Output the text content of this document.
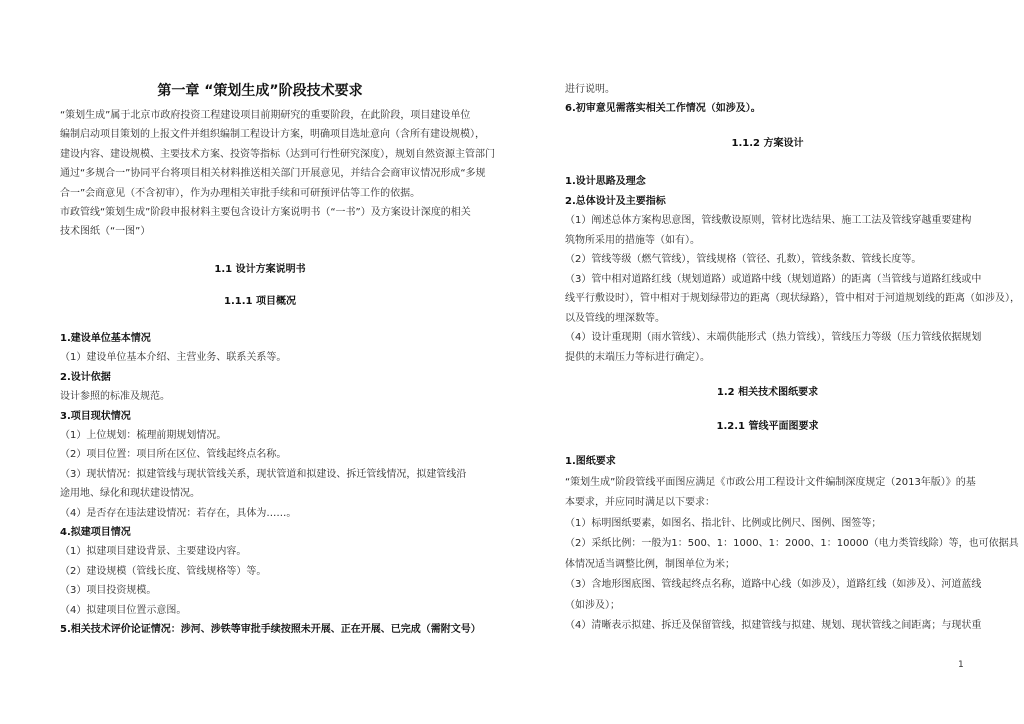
第一章 “策划生成”阶段技术要求
“策划生成”属于北京市政府投资工程建设项目前期研究的重要阶段，在此阶段，项目建设单位
编制启动项目策划的上报文件并组织编制工程设计方案，明确项目选址意向（含所有建设规模），
建设内容、建设规模、主要技术方案、投资等指标（达到可行性研究深度），规划自然资源主管部门
通过“多规合一”协同平台将项目相关材料推送相关部门开展意见，并结合会商审议情况形成“多规
合一”会商意见（不含初审），作为办理相关审批手续和可研预评估等工作的依据。
市政管线“策划生成”阶段申报材料主要包含设计方案说明书（“一书”）及方案设计深度的相关
技术图纸（“一图”）
1.1 设计方案说明书
1.1.1 项目概况
1.建设单位基本情况
（1）建设单位基本介绍、主营业务、联系关系等。
2.设计依据
设计参照的标准及规范。
3.项目现状情况
（1）上位规划：梳理前期规划情况。
（2）项目位置：项目所在区位、管线起终点名称。
（3）现状情况：拟建管线与现状管线关系，现状管道和拟建设、拆迁管线情况，拟建管线沿
途用地、绿化和现状建设情况。
（4）是否存在违法建设情况：若存在，具体为……。
4.拟建项目情况
（1）拟建项目建设背景、主要建设内容。
（2）建设规模（管线长度、管线规格等）等。
（3）项目投资规模。
（4）拟建项目位置示意图。
5.相关技术评价论证情况：涉河、涉铁等审批手续按照未开展、正在开展、已完成（需附文号）
进行说明。
6.初审意见需落实相关工作情况（如涉及）。
1.1.2 方案设计
1.设计思路及理念
2.总体设计及主要指标
（1）阐述总体方案构思意图，管线敷设原则，管材比选结果、施工工法及管线穿越重要建构
筑物所采用的措施等（如有）。
（2）管线等级（燃气管线），管线规格（管径、孔数），管线条数、管线长度等。
（3）管中相对道路红线（规划道路）或道路中线（规划道路）的距离（当管线与道路红线或中
线平行敷设时），管中相对于规划绿带边的距离（现状绿路），管中相对于河道规划线的距离（如涉及），
以及管线的埋深数等。
（4）设计重现期（雨水管线）、末端供能形式（热力管线），管线压力等级（压力管线依据规划
提供的末端压力等标进行确定）。
1.2 相关技术图纸要求
1.2.1 管线平面图要求
1.图纸要求
“策划生成”阶段管线平面图应满足《市政公用工程设计文件编制深度规定（2013年版）》的基
本要求，并应同时满足以下要求：
（1）标明图纸要素，如图名、指北针、比例或比例尺、图例、图签等；
（2）采纸比例：一般为1：500、1：1000、1：2000、1：10000（电力类管线除）等，也可依据具
体情况适当调整比例，制图单位为米；
（3）含地形图底图、管线起终点名称，道路中心线（如涉及），道路红线（如涉及）、河道蓝线
（如涉及）；
（4）清晰表示拟建、拆迁及保留管线，拟建管线与拟建、规划、现状管线之间距离；与现状重
1
